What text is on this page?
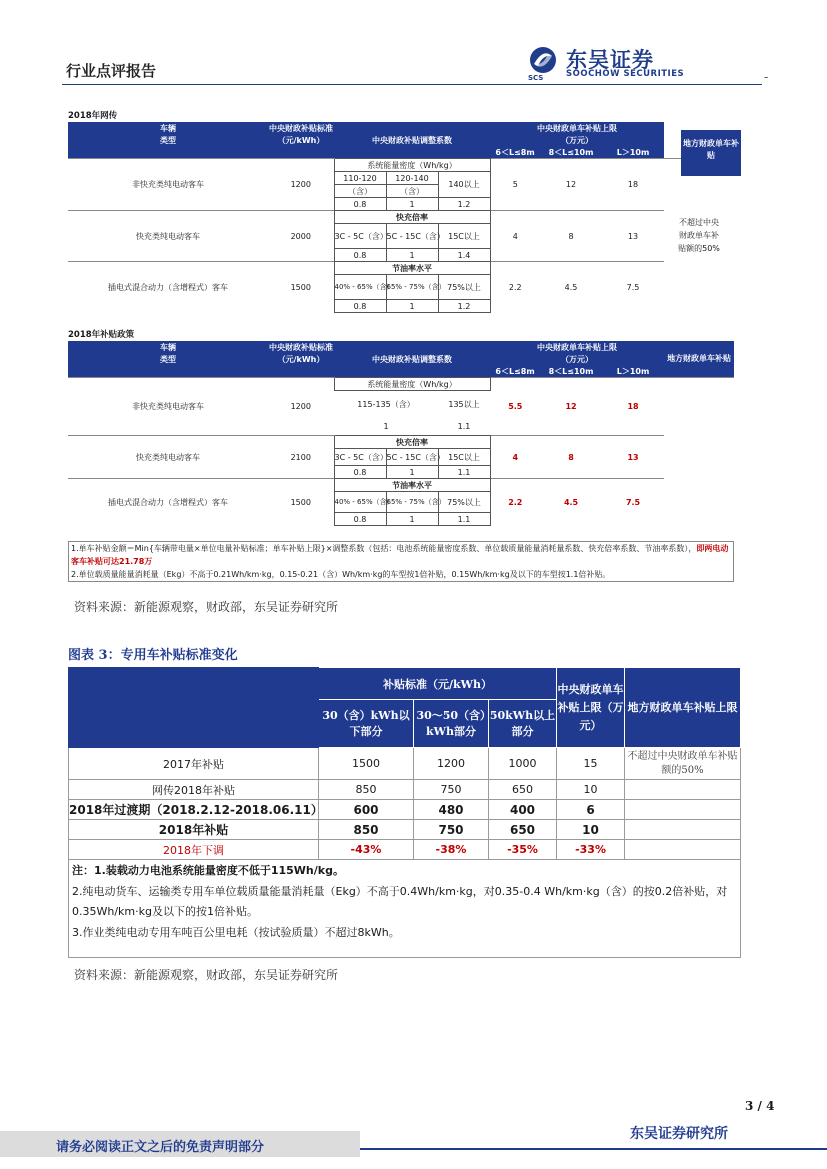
行业点评报告	SCS
东吴证券
SOOCHOW SECURITIES	-
2018年网传
车辆	中央财政补贴标准	中央财政补贴调整系数	中央财政单车补贴上限			
类型	（元/kWh）		（万元）			
			6＜L≤8m	8＜L≤10m	L＞10m	
地方财政单车补贴
非快充类纯电动客车	1200	系统能量密度（Wh/kg）			5	12	18	不超过中央
财政单车补
贴额的50%
		110-120	120-140	140以上				
		（含）	（含）					
		0.8	1	1.2				
快充类纯电动客车	2000	快充倍率			4	8	13	
		3C - 5C（含）	5C - 15C（含）	15C以上				

		0.8	1	1.4				
插电式混合动力（含增程式）客车	1500	节油率水平			2.2	4.5	7.5	
		40% - 65%（含）	65% - 75%（含）	75%以上				

		0.8	1	1.2				
2018年补贴政策
车辆	中央财政补贴标准	中央财政补贴调整系数			中央财政单车补贴上限			地方财政单车补贴
类型	（元/kWh）				（万元）			
					6＜L≤8m	8＜L≤10m	L＞10m	
非快充类纯电动客车	1200	系统能量密度（Wh/kg）			5.5	12	18	
		115-135（含）		135以上				

		1		1.1				
快充类纯电动客车	2100	快充倍率			4	8	13	
		3C - 5C（含）	5C - 15C（含）	15C以上				

		0.8	1	1.1				
插电式混合动力（含增程式）客车	1500	节油率水平			2.2	4.5	7.5	
		40% - 65%（含）	65% - 75%（含）	75%以上				

		0.8	1	1.1				
1.单车补贴金额＝Min{车辆带电量×单位电量补贴标准；单车补贴上限}×调整系数（包括：电池系统能量密度系数、单位载质量能量消耗量系数、快充倍率系数、节油率系数），即两电动客车补贴可达21.78万
2.单位载质量能量消耗量（Ekg）不高于0.21Wh/km·kg，0.15-0.21（含）Wh/km·kg的车型按1倍补贴，0.15Wh/km·kg及以下的车型按1.1倍补贴。
资料来源：新能源观察，财政部，东吴证券研究所
图表 3：专用车补贴标准变化
	补贴标准（元/kWh）			中央财政单车补贴上限（万元）	地方财政单车补贴上限
	30（含）kWh以下部分	30～50（含）kWh部分	50kWh以上部分		
2017年补贴	1500	1200	1000	15	不超过中央财政单车补贴额的50%
网传2018年补贴	850	750	650	10	
2018年过渡期（2018.2.12-2018.06.11）	600	480	400	6	
2018年补贴	850	750	650	10	
2018年下调	-43%	-38%	-35%	-33%	

注：1.装载动力电池系统能量密度不低于115Wh/kg。
2.纯电动货车、运输类专用车单位载质量能量消耗量（Ekg）不高于0.4Wh/km·kg，对0.35-0.4 Wh/km·kg（含）的按0.2倍补贴，对0.35Wh/km·kg及以下的按1倍补贴。
3.作业类纯电动专用车吨百公里电耗（按试验质量）不超过8kWh。					
资料来源：新能源观察，财政部，东吴证券研究所
3 / 4
请务必阅读正文之后的免责声明部分
东吴证券研究所
